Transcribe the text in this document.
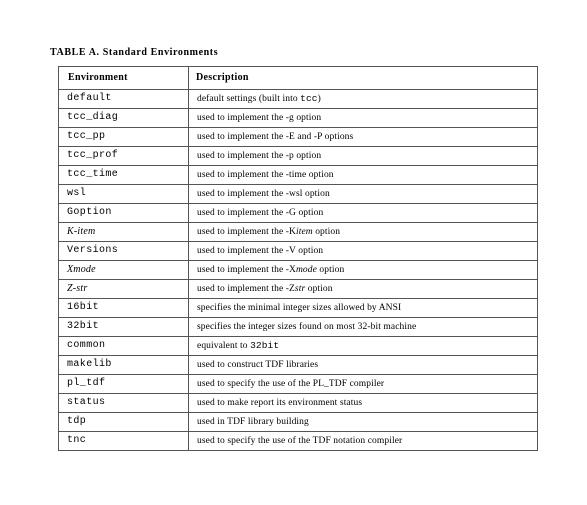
TABLE A. Standard Environments
Environment	Description
default	default settings (built into tcc)
tcc_diag	used to implement the -g option
tcc_pp	used to implement the -E and -P options
tcc_prof	used to implement the -p option
tcc_time	used to implement the -time option
wsl	used to implement the -wsl option
Goption	used to implement the -G option
K-item	used to implement the -Kitem option
Versions	used to implement the -V option
Xmode	used to implement the -Xmode option
Z-str	used to implement the -Zstr option
16bit	specifies the minimal integer sizes allowed by ANSI
32bit	specifies the integer sizes found on most 32-bit machine
common	equivalent to 32bit
makelib	used to construct TDF libraries
pl_tdf	used to specify the use of the PL_TDF compiler
status	used to make report its environment status
tdp	used in TDF library building
tnc	used to specify the use of the TDF notation compiler
